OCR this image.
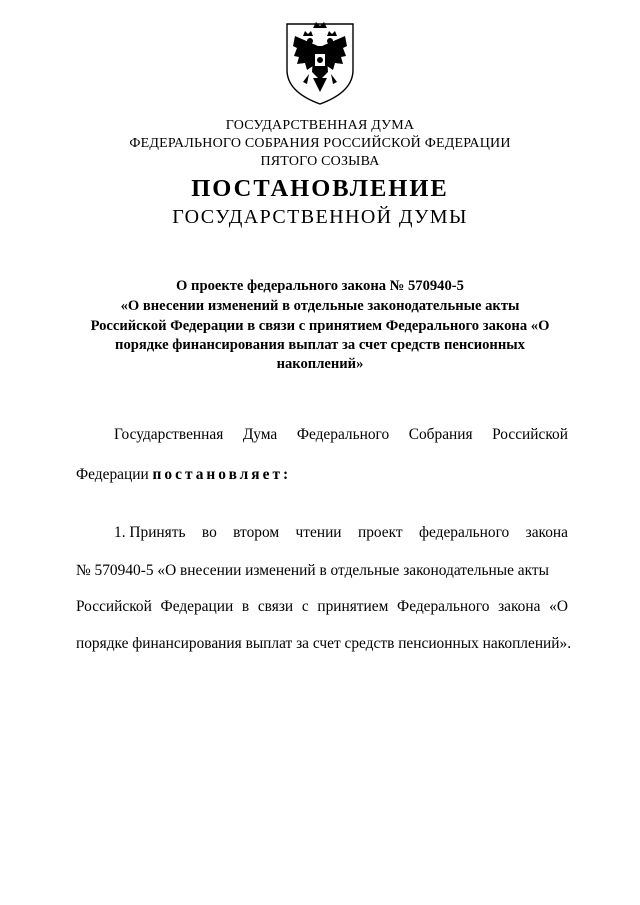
ГОСУДАРСТВЕННАЯ ДУМА
ФЕДЕРАЛЬНОГО СОБРАНИЯ РОССИЙСКОЙ ФЕДЕРАЦИИ
ПЯТОГО СОЗЫВА
ПОСТАНОВЛЕНИЕ
ГОСУДАРСТВЕННОЙ ДУМЫ
О проекте федерального закона № 570940-5
«О внесении изменений в отдельные законодательные акты
Российской Федерации в связи с принятием Федерального закона «О
порядке финансирования выплат за счет средств пенсионных
накоплений»
Государственная Дума Федерального Собрания Российской
Федерации постановляет:
1. Принять во втором чтении проект федерального закона
№ 570940-5 «О внесении изменений в отдельные законодательные акты
Российской Федерации в связи с принятием Федерального закона «О
порядке финансирования выплат за счет средств пенсионных накоплений».
